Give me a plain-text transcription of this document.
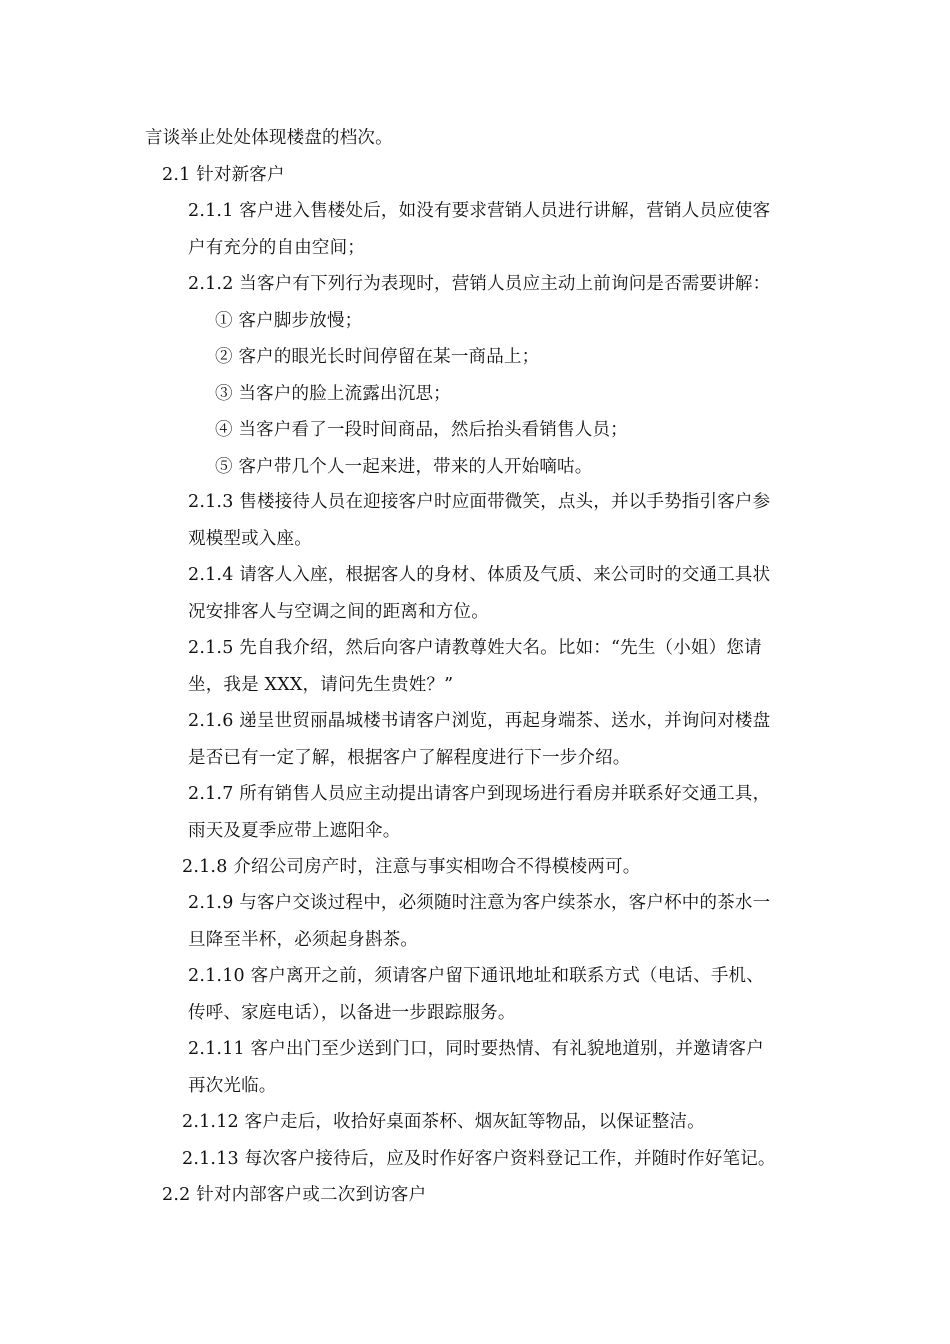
言谈举止处处体现楼盘的档次。
2.1 针对新客户
2.1.1 客户进入售楼处后，如没有要求营销人员进行讲解，营销人员应使客
户有充分的自由空间；
2.1.2 当客户有下列行为表现时，营销人员应主动上前询问是否需要讲解：
① 客户脚步放慢；
② 客户的眼光长时间停留在某一商品上；
③ 当客户的脸上流露出沉思；
④ 当客户看了一段时间商品，然后抬头看销售人员；
⑤ 客户带几个人一起来进，带来的人开始嘀咕。
2.1.3 售楼接待人员在迎接客户时应面带微笑，点头，并以手势指引客户参
观模型或入座。
2.1.4 请客人入座，根据客人的身材、体质及气质、来公司时的交通工具状
况安排客人与空调之间的距离和方位。
2.1.5 先自我介绍，然后向客户请教尊姓大名。比如：“先生（小姐）您请
坐，我是 XXX，请问先生贵姓？”
2.1.6 递呈世贸丽晶城楼书请客户浏览，再起身端茶、送水，并询问对楼盘
是否已有一定了解，根据客户了解程度进行下一步介绍。
2.1.7 所有销售人员应主动提出请客户到现场进行看房并联系好交通工具，
雨天及夏季应带上遮阳伞。
2.1.8 介绍公司房产时，注意与事实相吻合不得模棱两可。
2.1.9 与客户交谈过程中，必须随时注意为客户续茶水，客户杯中的茶水一
旦降至半杯，必须起身斟茶。
2.1.10 客户离开之前，须请客户留下通讯地址和联系方式（电话、手机、
传呼、家庭电话），以备进一步跟踪服务。
2.1.11 客户出门至少送到门口，同时要热情、有礼貌地道别，并邀请客户
再次光临。
2.1.12 客户走后，收拾好桌面茶杯、烟灰缸等物品，以保证整洁。
2.1.13 每次客户接待后，应及时作好客户资料登记工作，并随时作好笔记。
2.2 针对内部客户或二次到访客户
